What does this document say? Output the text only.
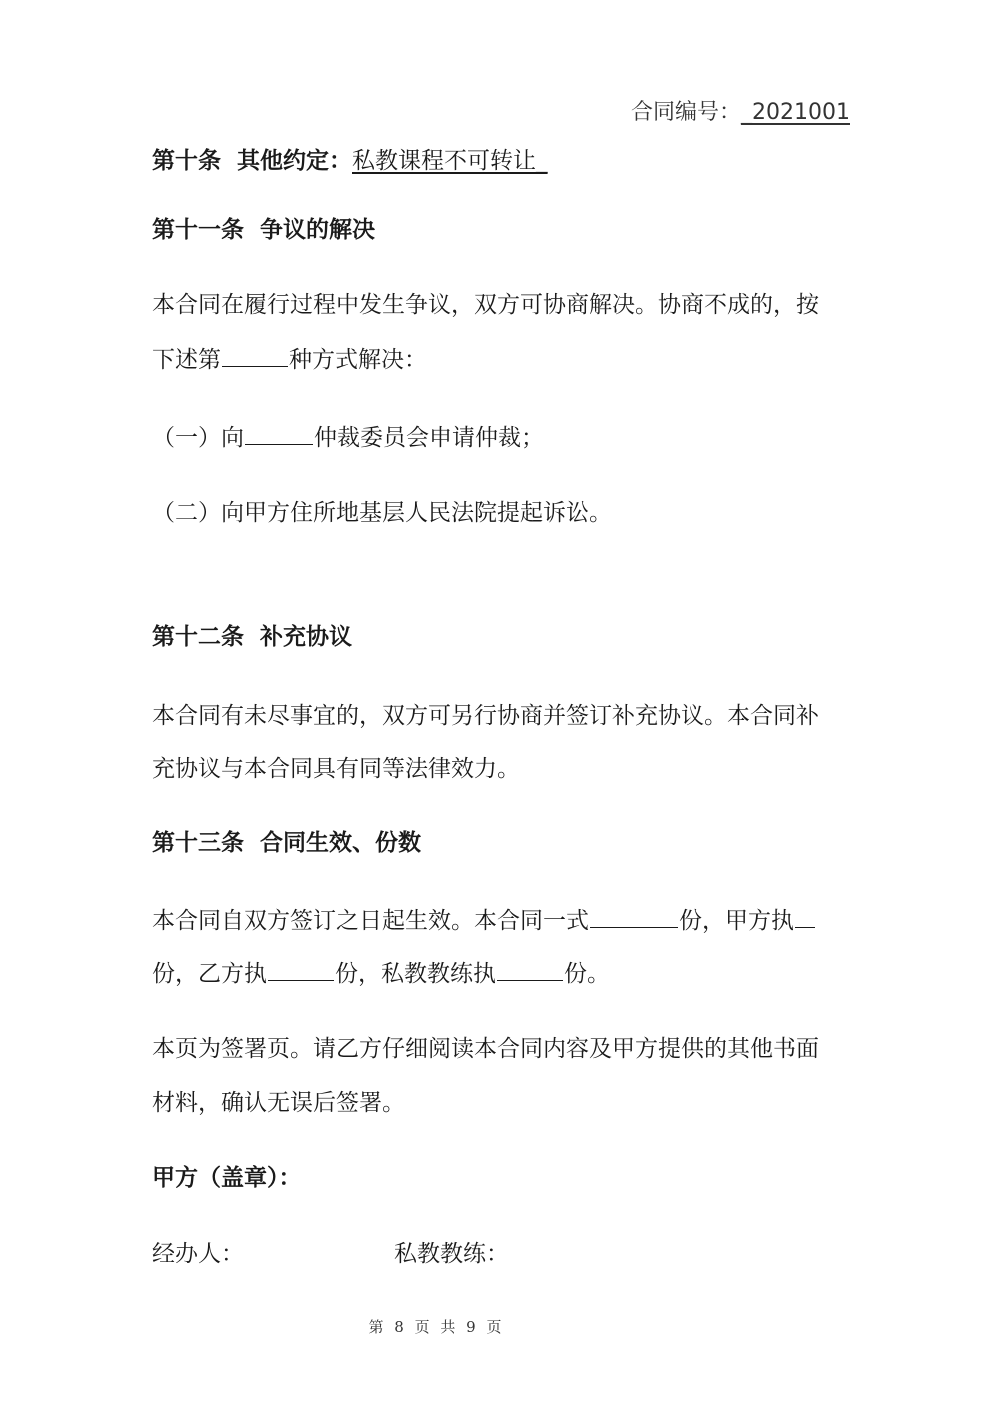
合同编号：_2021001
第十条 其他约定：私教课程不可转让_
第十一条 争议的解决
本合同在履行过程中发生争议，双方可协商解决。协商不成的，按
下述第	种方式解决：
（一）向	仲裁委员会申请仲裁；
（二）向甲方住所地基层人民法院提起诉讼。
第十二条 补充协议
本合同有未尽事宜的，双方可另行协商并签订补充协议。本合同补
充协议与本合同具有同等法律效力。
第十三条 合同生效、份数
本合同自双方签订之日起生效。本合同一式	份，甲方执
份，乙方执	份，私教教练执	份。
本页为签署页。请乙方仔细阅读本合同内容及甲方提供的其他书面
材料，确认无误后签署。
甲方（盖章）：
经办人：	私教教练：
第 8 页 共 9 页
